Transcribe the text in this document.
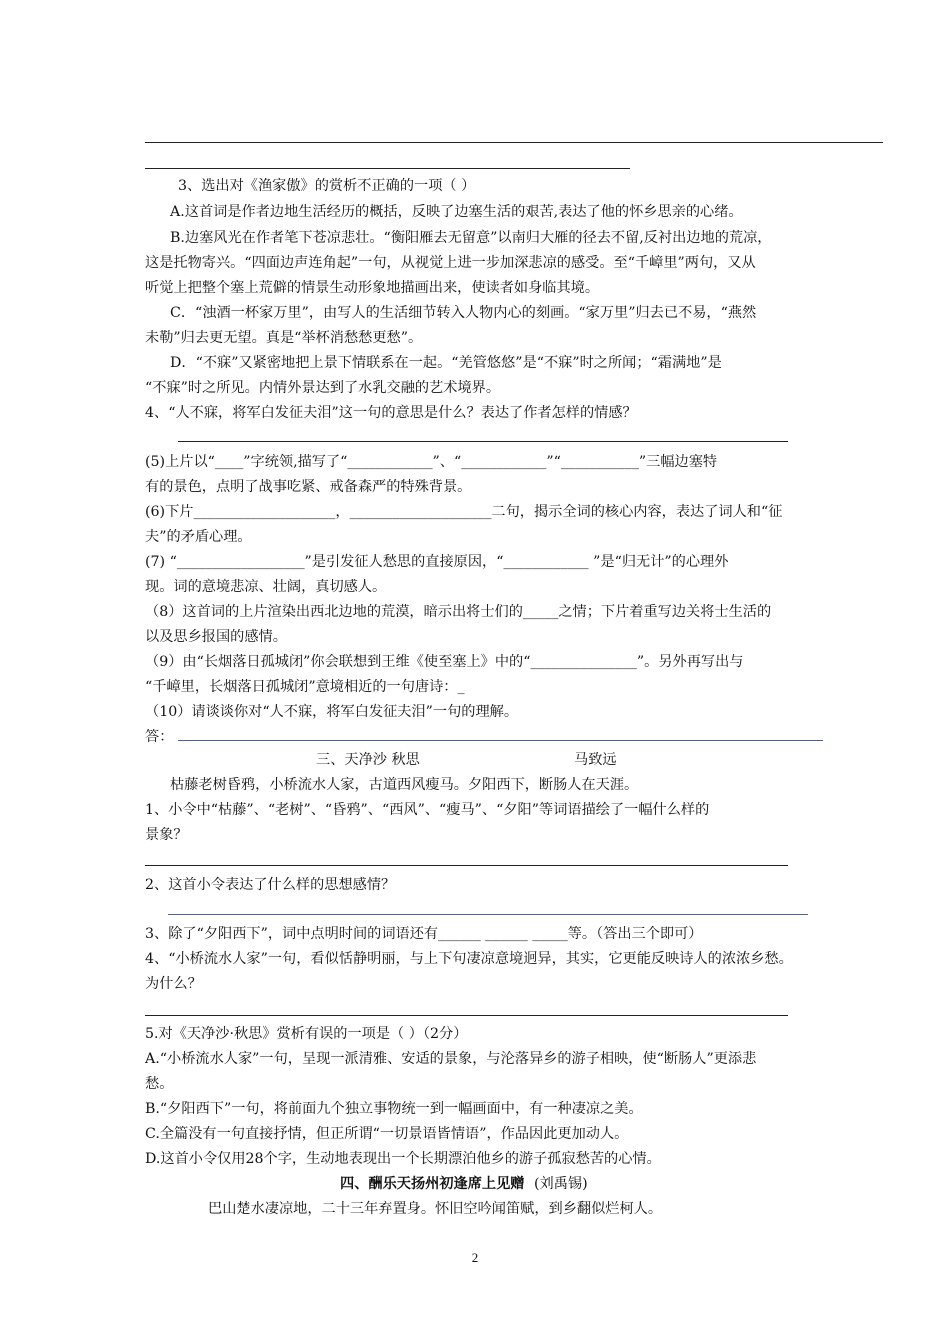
3、选出对《渔家傲》的赏析不正确的一项（ ）
A.这首词是作者边地生活经历的概括，反映了边塞生活的艰苦,表达了他的怀乡思亲的心绪。
B.边塞风光在作者笔下苍凉悲壮。“衡阳雁去无留意”以南归大雁的径去不留,反衬出边地的荒凉，
这是托物寄兴。“四面边声连角起”一句，从视觉上进一步加深悲凉的感受。至“千嶂里”两句，又从
听觉上把整个塞上荒僻的情景生动形象地描画出来，使读者如身临其境。
C．“浊酒一杯家万里”，由写人的生活细节转入人物内心的刻画。“家万里”归去已不易，“燕然
未勒”归去更无望。真是“举杯消愁愁更愁”。
D．“不寐”又紧密地把上景下情联系在一起。“羌管悠悠”是“不寐”时之所闻；“霜满地”是
“不寐”时之所见。内情外景达到了水乳交融的艺术境界。
4、“人不寐，将军白发征夫泪”这一句的意思是什么？表达了作者怎样的情感？
(5)上片以“____”字统领,描写了“____________”、“____________”“___________”三幅边塞特
有的景色，点明了战事吃紧、戒备森严的特殊背景。
(6)下片____________________，____________________二句，揭示全词的核心内容，表达了词人和“征
夫”的矛盾心理。
(7) “__________________”是引发征人愁思的直接原因，“____________ ”是“归无计”的心理外
现。词的意境悲凉、壮阔，真切感人。
（8）这首词的上片渲染出西北边地的荒漠，暗示出将士们的_____之情；下片着重写边关将士生活的
以及思乡报国的感情。
（9）由“长烟落日孤城闭”你会联想到王维《使至塞上》中的“_______________”。另外再写出与
“千嶂里，长烟落日孤城闭”意境相近的一句唐诗：_
（10）请谈谈你对“人不寐，将军白发征夫泪”一句的理解。
答：
三、天净沙 秋思	马致远
枯藤老树昏鸦，小桥流水人家，古道西风瘦马。夕阳西下，断肠人在天涯。
1、小令中“枯藤”、“老树”、“昏鸦”、“西风”、“瘦马”、“夕阳”等词语描绘了一幅什么样的
景象？
2、这首小令表达了什么样的思想感情？
3、除了“夕阳西下”，词中点明时间的词语还有______ ______ _____等。（答出三个即可）
4、“小桥流水人家”一句，看似恬静明丽，与上下句凄凉意境迥异，其实，它更能反映诗人的浓浓乡愁。
为什么？
5.对《天净沙·秋思》赏析有误的一项是（ ）（2分）
A.“小桥流水人家”一句，呈现一派清雅、安适的景象，与沦落异乡的游子相映，使“断肠人”更添悲
愁。
B.“夕阳西下”一句，将前面九个独立事物统一到一幅画面中，有一种凄凉之美。
C.全篇没有一句直接抒情，但正所谓“一切景语皆情语”，作品因此更加动人。
D.这首小令仅用28个字，生动地表现出一个长期漂泊他乡的游子孤寂愁苦的心情。
四、酬乐天扬州初逢席上见赠 (刘禹锡)
巴山楚水凄凉地，二十三年弃置身。怀旧空吟闻笛赋，到乡翻似烂柯人。
2
